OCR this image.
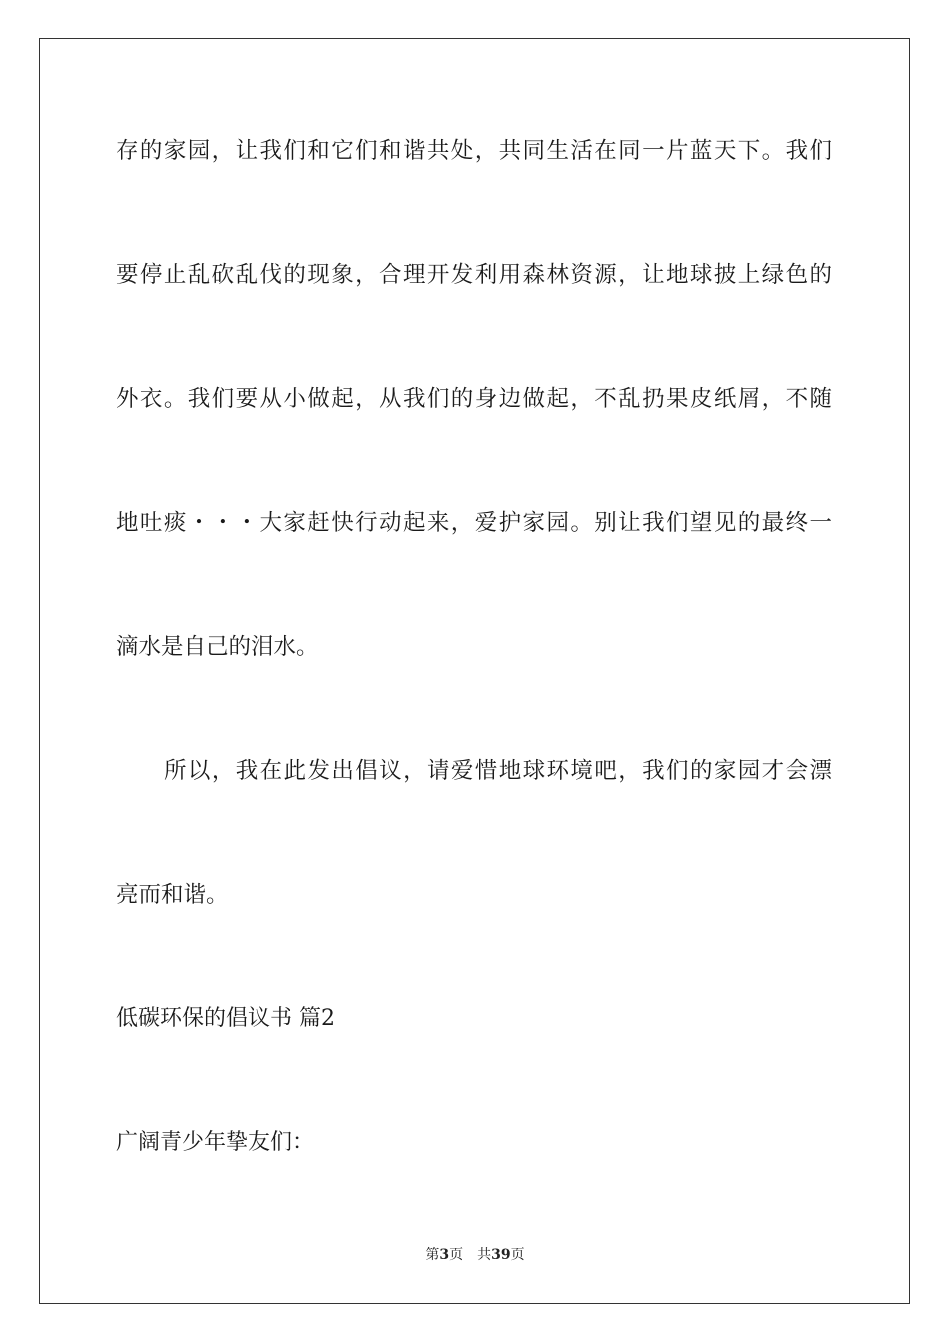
存的家园，让我们和它们和谐共处，共同生活在同一片蓝天下。我们
要停止乱砍乱伐的现象，合理开发利用森林资源，让地球披上绿色的
外衣。我们要从小做起，从我们的身边做起，不乱扔果皮纸屑，不随
地吐痰・・・大家赶快行动起来，爱护家园。别让我们望见的最终一
滴水是自己的泪水。
所以，我在此发出倡议，请爱惜地球环境吧，我们的家园才会漂
亮而和谐。
低碳环保的倡议书 篇2
广阔青少年挚友们：
第3页 共39页
